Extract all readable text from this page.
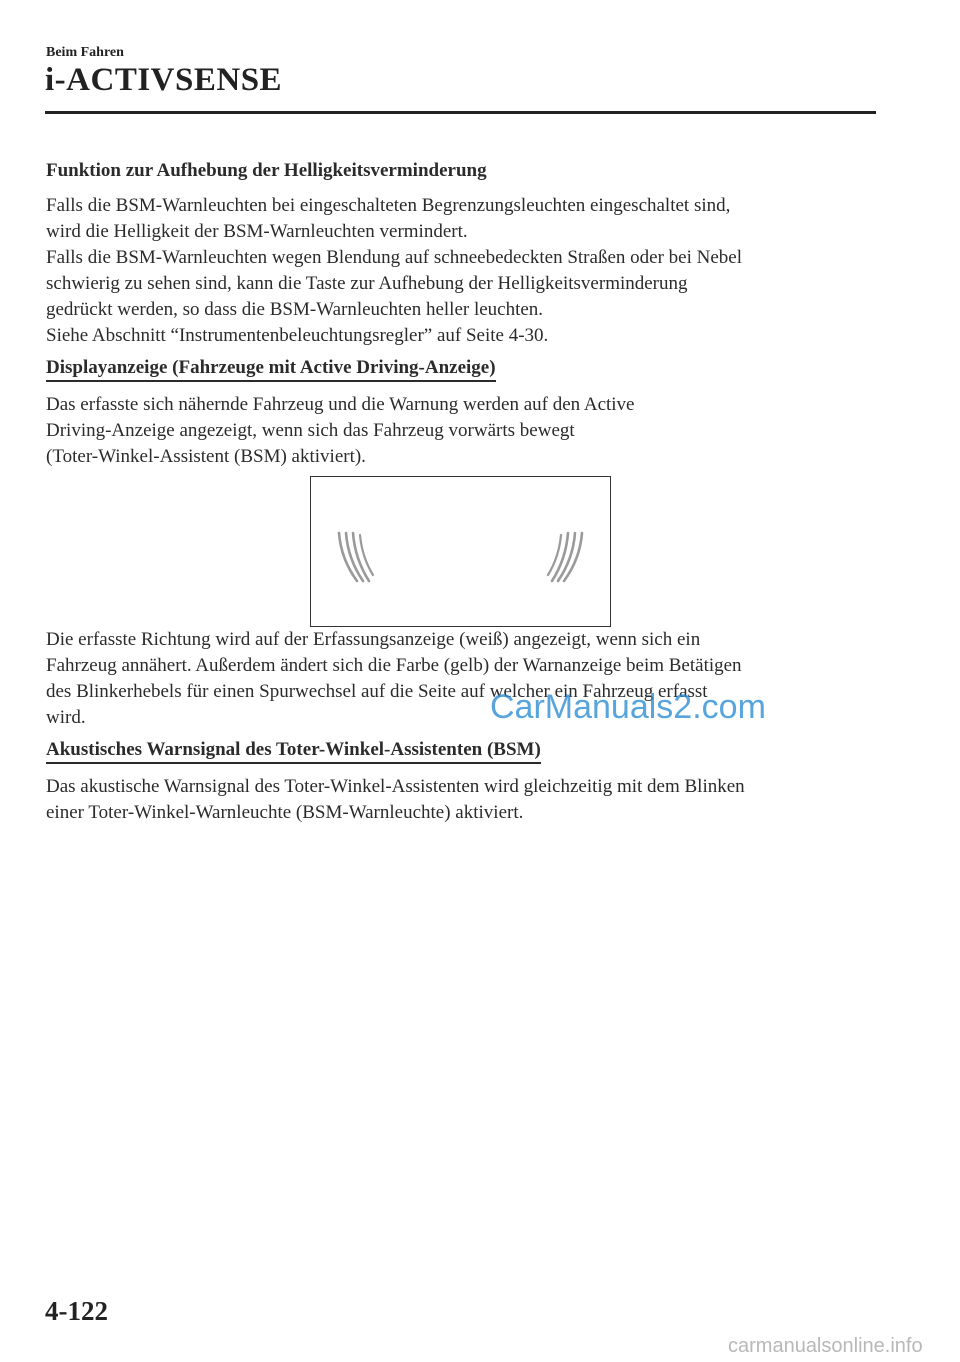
Beim Fahren
i-ACTIVSENSE
Funktion zur Aufhebung der Helligkeitsverminderung

Falls die BSM-Warnleuchten bei eingeschalteten Begrenzungsleuchten eingeschaltet sind,
wird die Helligkeit der BSM-Warnleuchten vermindert.
Falls die BSM-Warnleuchten wegen Blendung auf schneebedeckten Straßen oder bei Nebel
schwierig zu sehen sind, kann die Taste zur Aufhebung der Helligkeitsverminderung
gedrückt werden, so dass die BSM-Warnleuchten heller leuchten.
Siehe Abschnitt “Instrumentenbeleuchtungsregler” auf Seite 4-30.

Displayanzeige (Fahrzeuge mit Active Driving-Anzeige)

Das erfasste sich nähernde Fahrzeug und die Warnung werden auf den Active
Driving-Anzeige angezeigt, wenn sich das Fahrzeug vorwärts bewegt
(Toter-Winkel-Assistent (BSM) aktiviert).

Die erfasste Richtung wird auf der Erfassungsanzeige (weiß) angezeigt, wenn sich ein
Fahrzeug annähert. Außerdem ändert sich die Farbe (gelb) der Warnanzeige beim Betätigen
des Blinkerhebels für einen Spurwechsel auf die Seite auf welcher ein Fahrzeug erfasst
wird.

Akustisches Warnsignal des Toter-Winkel-Assistenten (BSM)

Das akustische Warnsignal des Toter-Winkel-Assistenten wird gleichzeitig mit dem Blinken
einer Toter-Winkel-Warnleuchte (BSM-Warnleuchte) aktiviert.

CarManuals2.com
4-122
carmanualsonline.info
